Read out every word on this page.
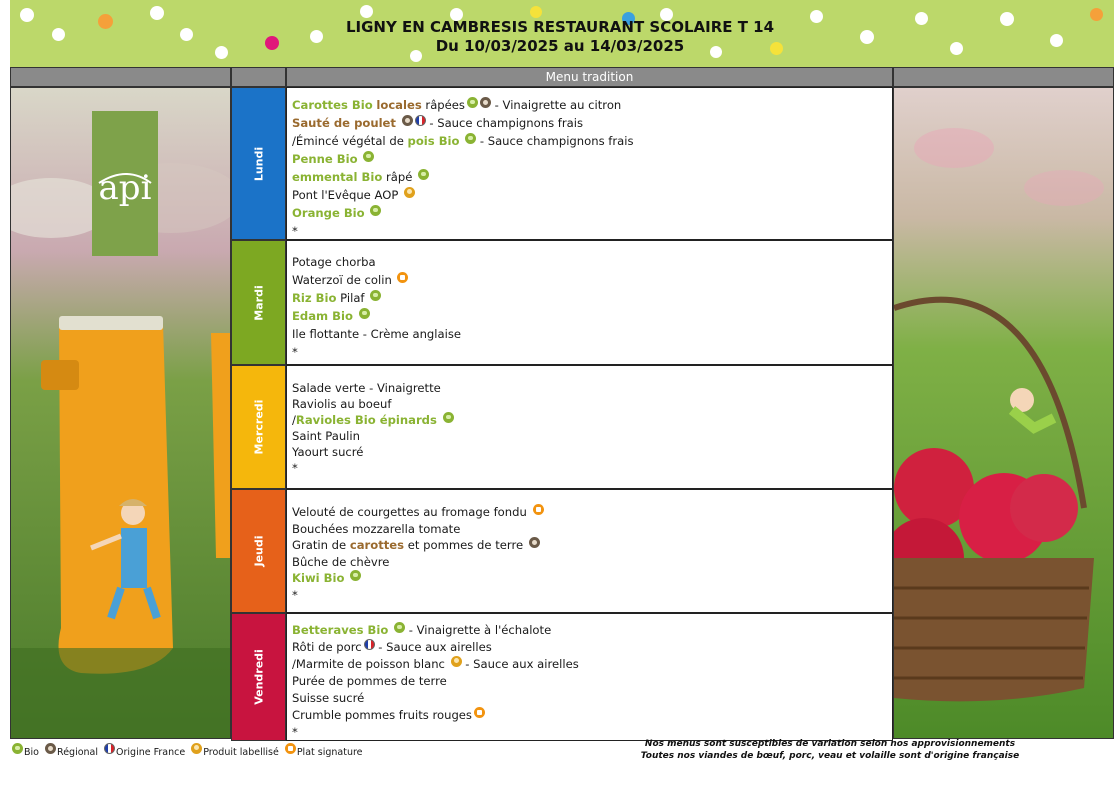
LIGNY EN CAMBRESIS RESTAURANT SCOLAIRE T 14
Du 10/03/2025 au 14/03/2025
Menu tradition
api
Lundi
Mardi
Mercredi
Jeudi
Vendredi
Carottes Bio locales râpées - Vinaigrette au citron
Sauté de poulet	- Sauce champignons frais
/Émincé végétal de pois Bio  - Sauce champignons frais
Penne Bio
emmental Bio râpé
Pont l'Evêque AOP
Orange Bio
*
Potage chorba
Waterzoï de colin
Riz Bio Pilaf
Edam Bio
Ile flottante - Crème anglaise
*
Salade verte - Vinaigrette
Raviolis au boeuf
/Ravioles Bio épinards
Saint Paulin
Yaourt sucré
*
Velouté de courgettes au fromage fondu
Bouchées mozzarella tomate
Gratin de carottes et pommes de terre
Bûche de chèvre
Kiwi Bio
*
Betteraves Bio  - Vinaigrette à l'échalote
Rôti de porc - Sauce aux airelles
/Marmite de poisson blanc  - Sauce aux airelles
Purée de pommes de terre
Suisse sucré
Crumble pommes fruits rouges
*
Bio Régional Origine France Produit labellisé Plat signature
Nos menus sont susceptibles de variation selon nos approvisionnements
Toutes nos viandes de bœuf, porc, veau et volaille sont d'origine française
